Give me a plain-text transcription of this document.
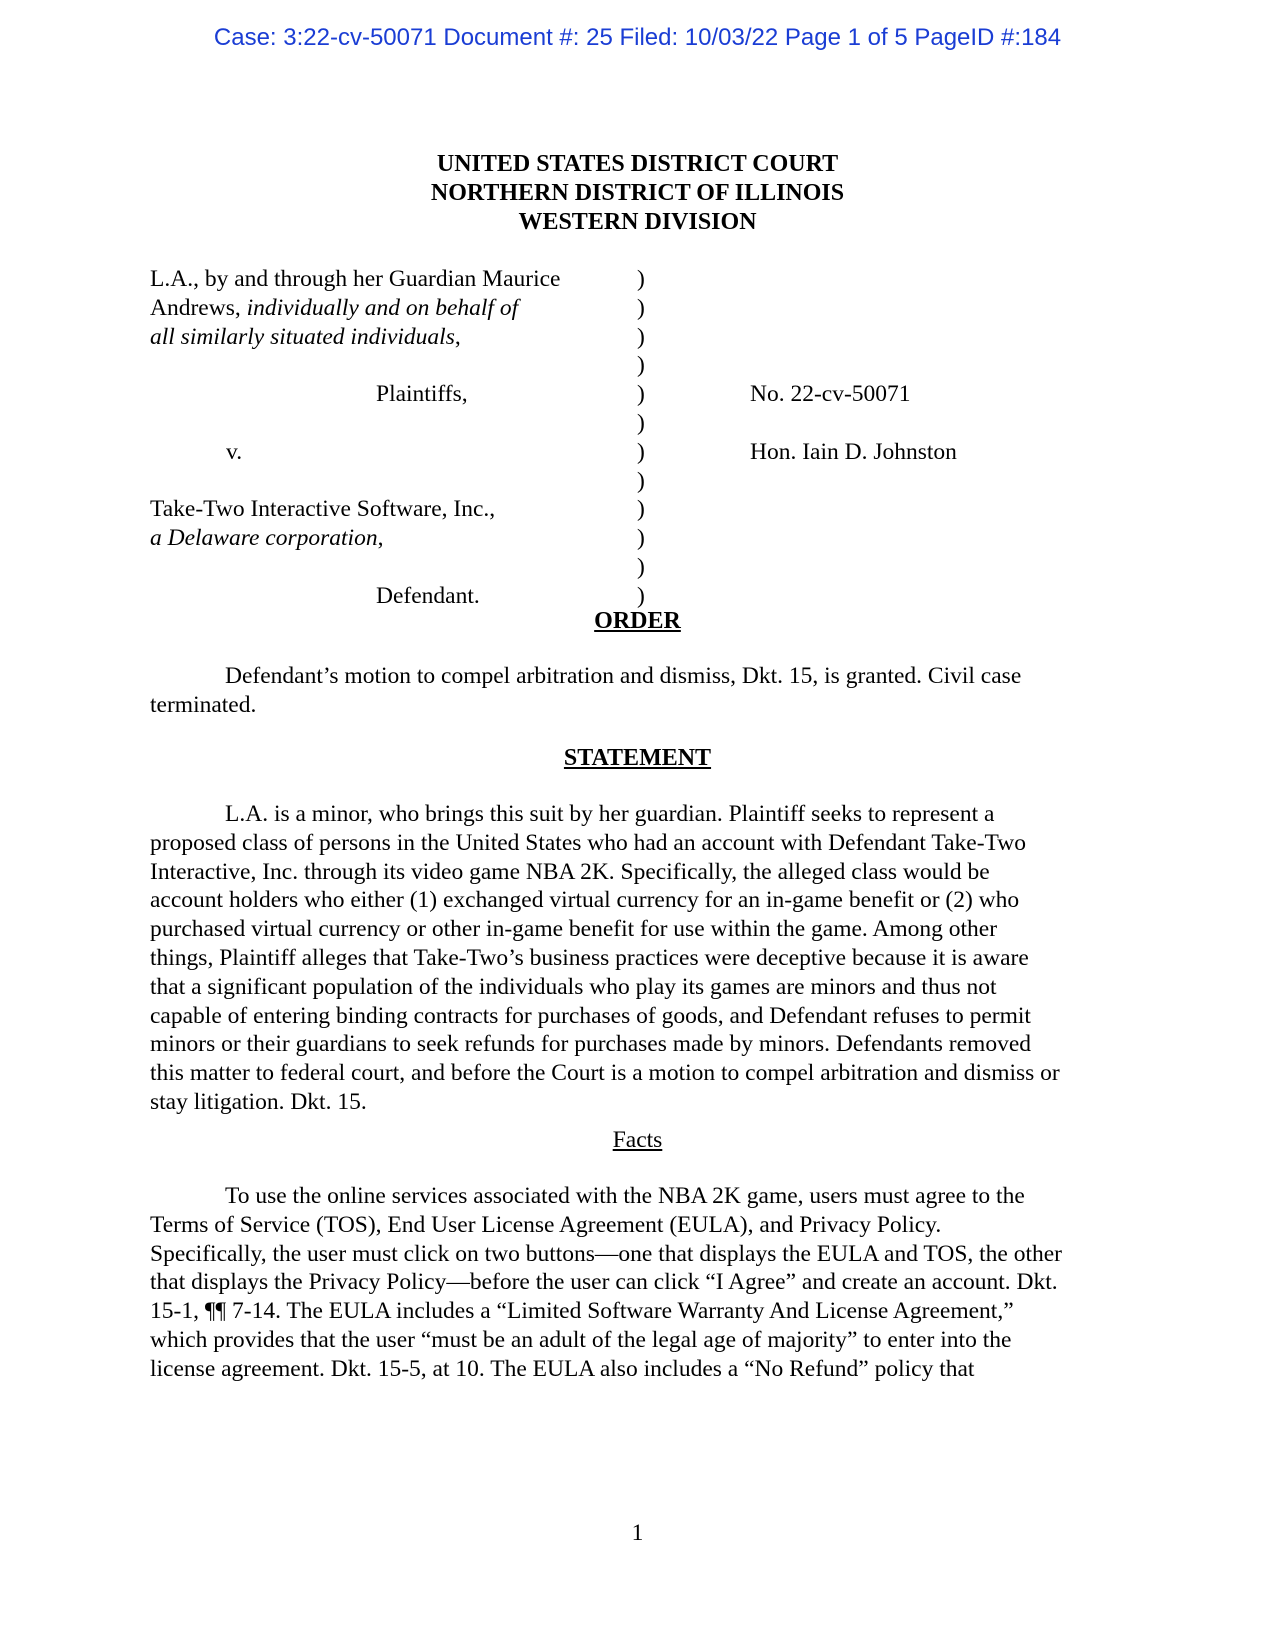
Case: 3:22-cv-50071 Document #: 25 Filed: 10/03/22 Page 1 of 5 PageID #:184
UNITED STATES DISTRICT COURT
NORTHERN DISTRICT OF ILLINOIS
WESTERN DIVISION
L.A., by and through her Guardian Maurice
Andrews, individually and on behalf of
all similarly situated individuals,
Plaintiffs,
v.
Take-Two Interactive Software, Inc.,
a Delaware corporation,
Defendant.
)
)
)
)
)
)
)
)
)
)
)
)
No. 22-cv-50071
Hon. Iain D. Johnston
ORDER
Defendant’s motion to compel arbitration and dismiss, Dkt. 15, is granted. Civil case
terminated.
STATEMENT
L.A. is a minor, who brings this suit by her guardian. Plaintiff seeks to represent a
proposed class of persons in the United States who had an account with Defendant Take-Two
Interactive, Inc. through its video game NBA 2K. Specifically, the alleged class would be
account holders who either (1) exchanged virtual currency for an in-game benefit or (2) who
purchased virtual currency or other in-game benefit for use within the game. Among other
things, Plaintiff alleges that Take-Two’s business practices were deceptive because it is aware
that a significant population of the individuals who play its games are minors and thus not
capable of entering binding contracts for purchases of goods, and Defendant refuses to permit
minors or their guardians to seek refunds for purchases made by minors. Defendants removed
this matter to federal court, and before the Court is a motion to compel arbitration and dismiss or
stay litigation. Dkt. 15.
Facts
To use the online services associated with the NBA 2K game, users must agree to the
Terms of Service (TOS), End User License Agreement (EULA), and Privacy Policy.
Specifically, the user must click on two buttons—one that displays the EULA and TOS, the other
that displays the Privacy Policy—before the user can click “I Agree” and create an account. Dkt.
15-1, ¶¶ 7-14. The EULA includes a “Limited Software Warranty And License Agreement,”
which provides that the user “must be an adult of the legal age of majority” to enter into the
license agreement. Dkt. 15-5, at 10. The EULA also includes a “No Refund” policy that
1
